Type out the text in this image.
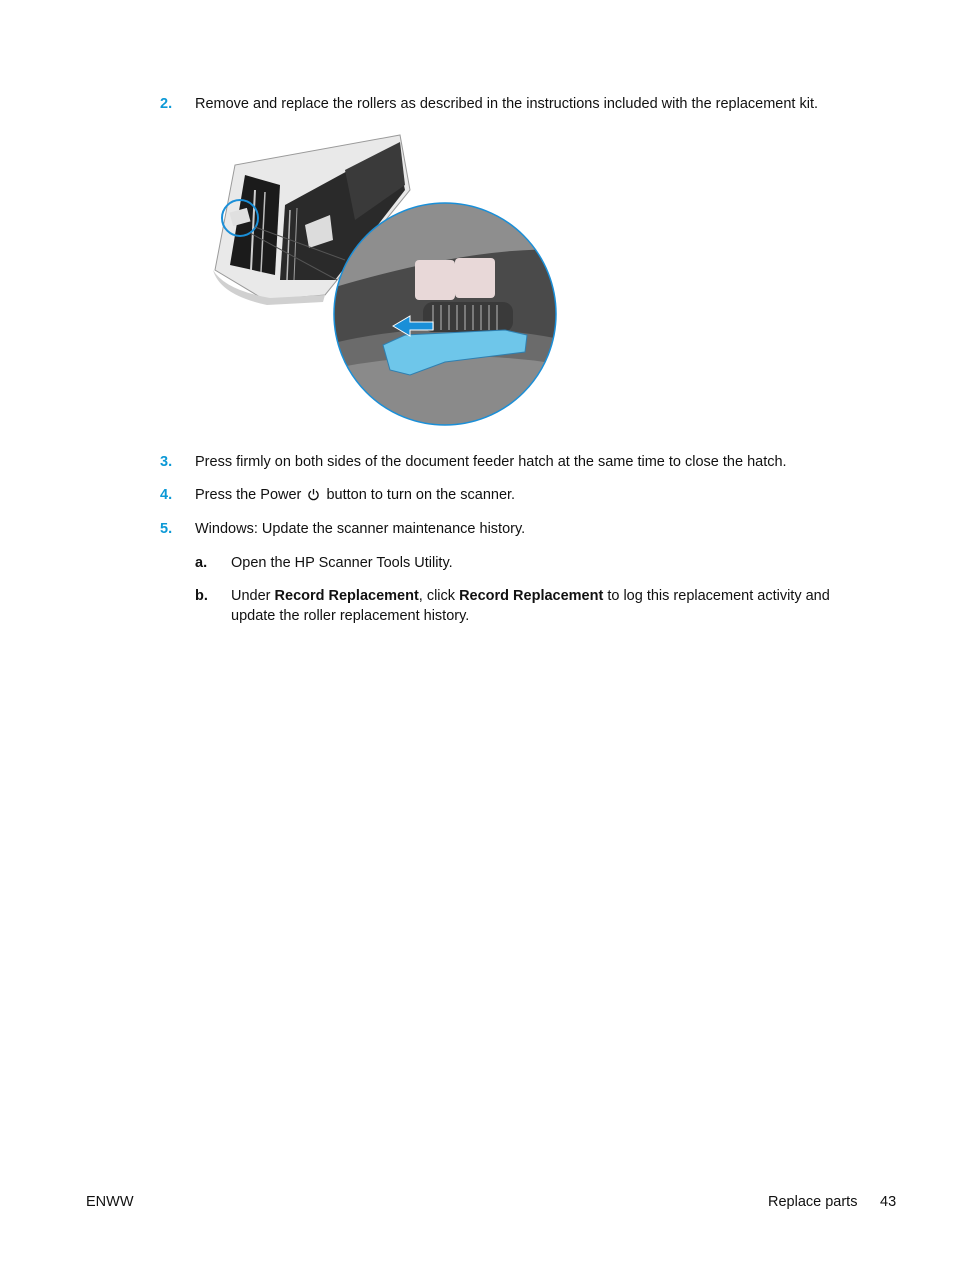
2. Remove and replace the rollers as described in the instructions included with the replacement kit.
3. Press firmly on both sides of the document feeder hatch at the same time to close the hatch.
4. Press the Power button to turn on the scanner.
5. Windows: Update the scanner maintenance history.
a. Open the HP Scanner Tools Utility.
b. Under Record Replacement, click Record Replacement to log this replacement activity and
update the roller replacement history.
ENWW	Replace parts 43
